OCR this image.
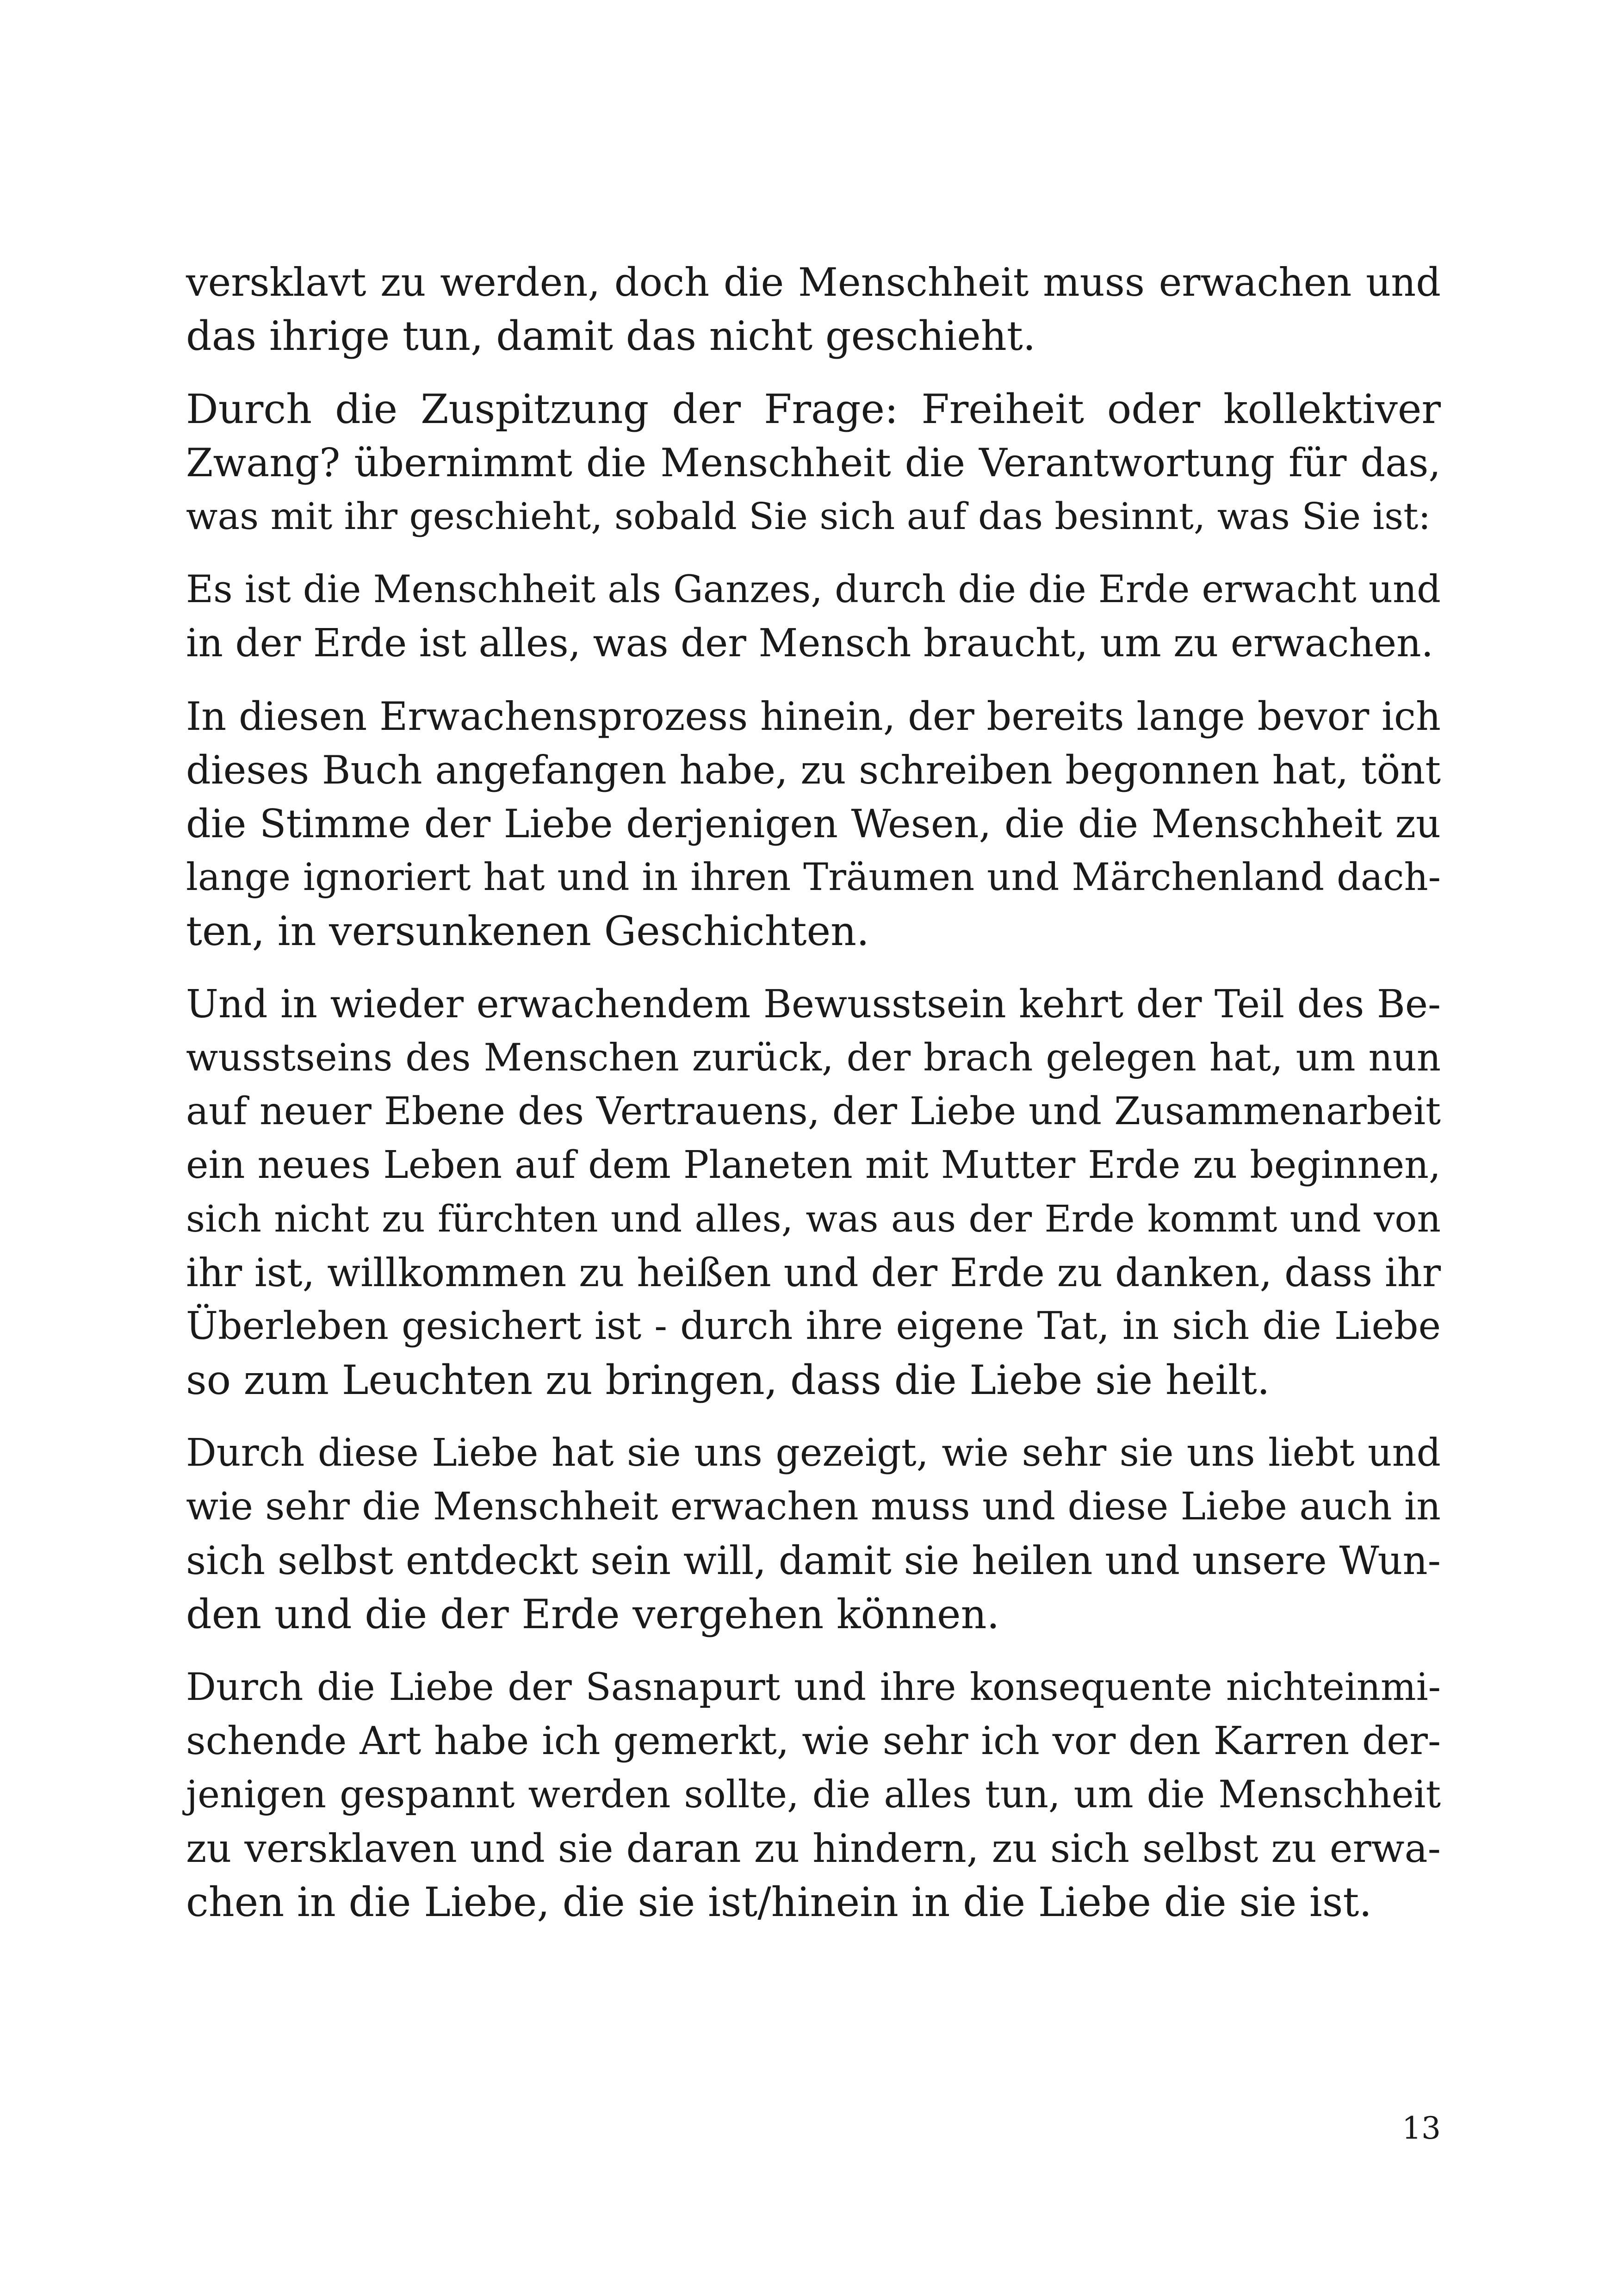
versklavt zu werden, doch die Menschheit muss erwachen und
das ihrige tun, damit das nicht geschieht.

Durch die Zuspitzung der Frage: Freiheit oder kollektiver
Zwang? übernimmt die Menschheit die Verantwortung für das,
was mit ihr geschieht, sobald Sie sich auf das besinnt, was Sie ist:

Es ist die Menschheit als Ganzes, durch die die Erde erwacht und
in der Erde ist alles, was der Mensch braucht, um zu erwachen.

In diesen Erwachensprozess hinein, der bereits lange bevor ich
dieses Buch angefangen habe, zu schreiben begonnen hat, tönt
die Stimme der Liebe derjenigen Wesen, die die Menschheit zu
lange ignoriert hat und in ihren Träumen und Märchenland dach-
ten, in versunkenen Geschichten.

Und in wieder erwachendem Bewusstsein kehrt der Teil des Be-
wusstseins des Menschen zurück, der brach gelegen hat, um nun
auf neuer Ebene des Vertrauens, der Liebe und Zusammenarbeit
ein neues Leben auf dem Planeten mit Mutter Erde zu beginnen,
sich nicht zu fürchten und alles, was aus der Erde kommt und von
ihr ist, willkommen zu heißen und der Erde zu danken, dass ihr
Überleben gesichert ist - durch ihre eigene Tat, in sich die Liebe
so zum Leuchten zu bringen, dass die Liebe sie heilt.

Durch diese Liebe hat sie uns gezeigt, wie sehr sie uns liebt und
wie sehr die Menschheit erwachen muss und diese Liebe auch in
sich selbst entdeckt sein will, damit sie heilen und unsere Wun-
den und die der Erde vergehen können.

Durch die Liebe der Sasnapurt und ihre konsequente nichteinmi-
schende Art habe ich gemerkt, wie sehr ich vor den Karren der-
jenigen gespannt werden sollte, die alles tun, um die Menschheit
zu versklaven und sie daran zu hindern, zu sich selbst zu erwa-
chen in die Liebe, die sie ist/hinein in die Liebe die sie ist.

13
